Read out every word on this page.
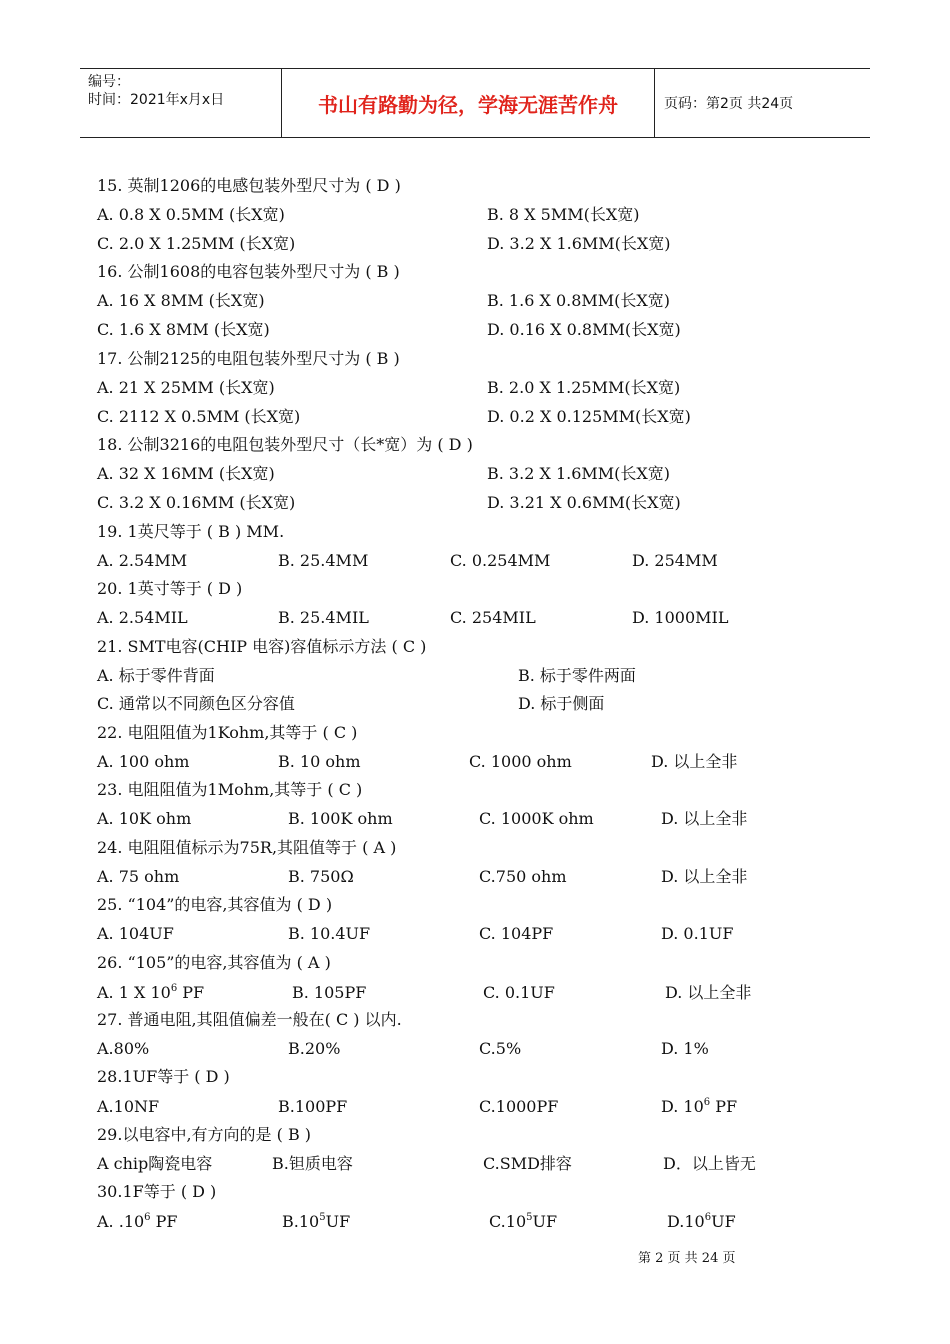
编号：
时间：2021年x月x日	书山有路勤为径，学海无涯苦作舟	页码：第2页 共24页
15. 英制1206的电感包装外型尺寸为 ( D )
A. 0.8 X 0.5MM (长X宽)	B. 8 X 5MM(长X宽)
C. 2.0 X 1.25MM (长X宽)	D. 3.2 X 1.6MM(长X宽)
16. 公制1608的电容包装外型尺寸为 ( B )
A. 16 X 8MM (长X宽)	B. 1.6 X 0.8MM(长X宽)
C. 1.6 X 8MM (长X宽)	D. 0.16 X 0.8MM(长X宽)
17. 公制2125的电阻包装外型尺寸为 ( B )
A. 21 X 25MM (长X宽)	B. 2.0 X 1.25MM(长X宽)
C. 2112 X 0.5MM (长X宽)	D. 0.2 X 0.125MM(长X宽)
18. 公制3216的电阻包装外型尺寸（长*宽）为 ( D )
A. 32 X 16MM (长X宽)	B. 3.2 X 1.6MM(长X宽)
C. 3.2 X 0.16MM (长X宽)	D. 3.21 X 0.6MM(长X宽)
19. 1英尺等于 ( B ) MM.
A. 2.54MM	B. 25.4MM	C. 0.254MM	D. 254MM
20. 1英寸等于 ( D )
A. 2.54MIL	B. 25.4MIL	C. 254MIL	D. 1000MIL
21. SMT电容(CHIP 电容)容值标示方法 ( C )
A. 标于零件背面	B. 标于零件两面
C. 通常以不同颜色区分容值	D. 标于侧面
22. 电阻阻值为1Kohm,其等于 ( C )
A. 100 ohm	B. 10 ohm	C. 1000 ohm	D. 以上全非
23. 电阻阻值为1Mohm,其等于 ( C )
A. 10K ohm	B. 100K ohm	C. 1000K ohm	D. 以上全非
24. 电阻阻值标示为75R,其阻值等于 ( A )
A. 75 ohm	B. 750Ω	C.750 ohm	D. 以上全非
25. “104”的电容,其容值为 ( D )
A. 104UF	B. 10.4UF	C. 104PF	D. 0.1UF
26. “105”的电容,其容值为 ( A )
A. 1 X $10^6$ PF	B. 105PF	C. 0.1UF	D. 以上全非
27. 普通电阻,其阻值偏差一般在( C ) 以内.
A.80%	B.20%	C.5%	D. 1%
28.1UF等于 ( D )
A.10NF	B.100PF	C.1000PF	D. $10^6$ PF
29.以电容中,有方向的是 ( B )
A chip陶瓷电容	B.钽质电容	C.SMD排容	D．以上皆无
30.1F等于 ( D )
A. $.10^6$ PF	$B.10^5UF$	$C.10^5UF$	$D.10^6UF$
第 2 页 共 24 页
